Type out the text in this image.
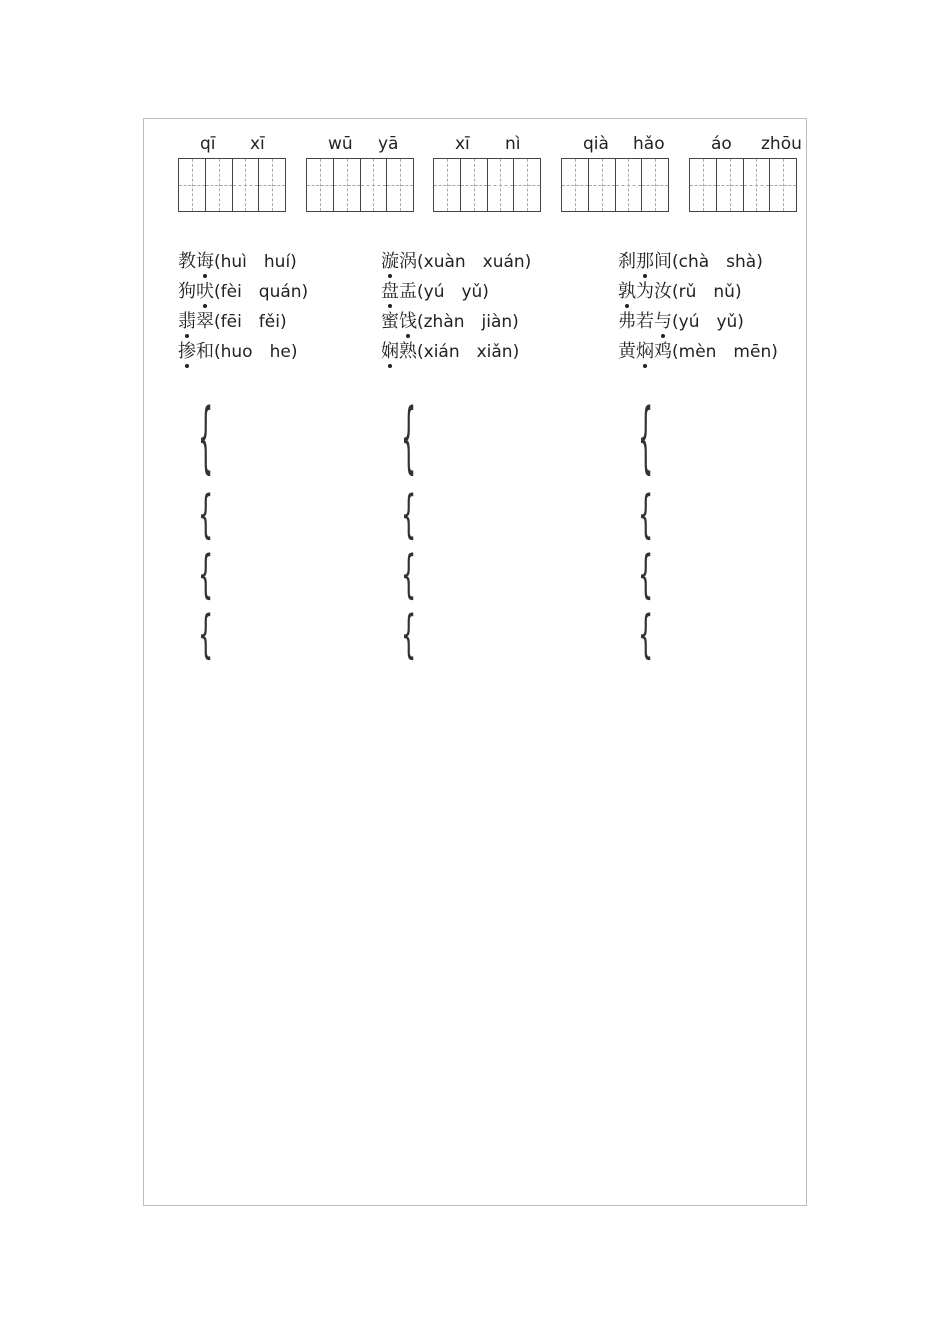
qī xī	wū yā	xī nì	qià hǎo	áo zhōu
教诲(huì　huí)	漩涡(xuàn　xuán)	刹那间(chà　shà)
狗吠(fèi　quán)	盘盂(yú　yǔ)	孰为汝(rǔ　nǔ)
翡翠(fēi　fěi)	蜜饯(zhàn　jiàn)	弗若与(yú　yǔ)
掺和(huo　he)	娴熟(xián　xiǎn)	黄焖鸡(mèn　mēn)
{	{	{
{	{	{
{	{	{
{	{	{
